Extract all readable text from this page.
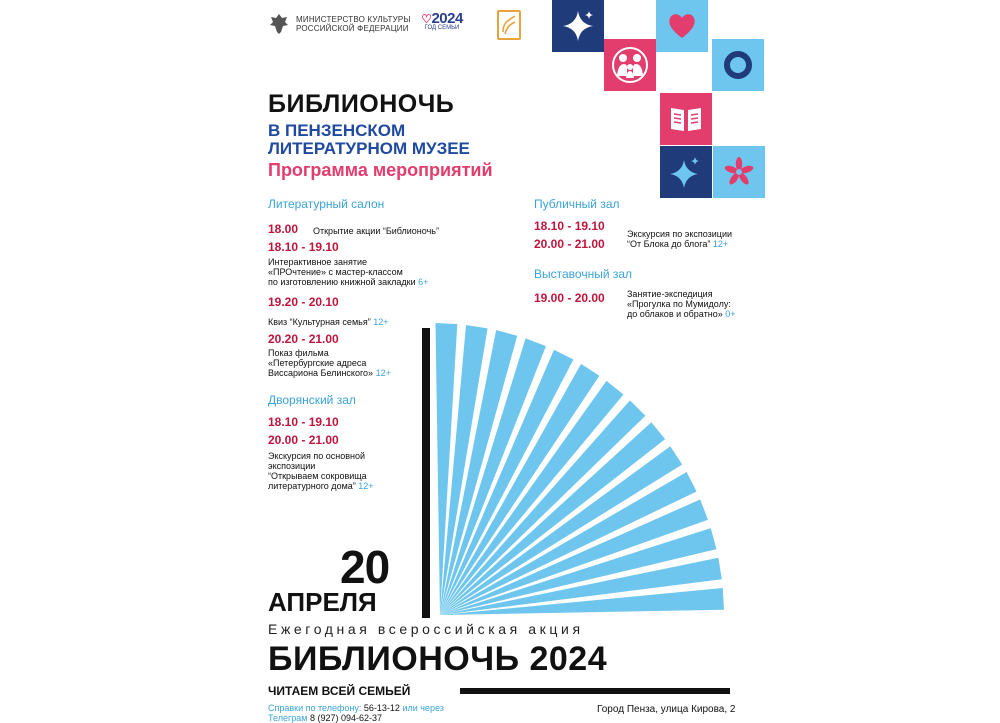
МИНИСТЕРСТВО КУЛЬТУРЫ
РОССИЙСКОЙ ФЕДЕРАЦИИ
♡2024
ГОД СЕМЬИ
БИБЛИОНОЧЬ
В ПЕНЗЕНСКОМ
ЛИТЕРАТУРНОМ МУЗЕЕ
Программа мероприятий
Литературный салон
18.00 Открытие акции “Библионочь”
18.10 - 19.10
Интерактивное занятие
«ПРОчтение» с мастер-классом
по изготовлению книжной закладки 6+
19.20 - 20.10
Квиз “Культурная семья” 12+
20.20 - 21.00
Показ фильма
«Петербургские адреса
Виссариона Белинского» 12+
Дворянский зал
18.10 - 19.10
20.00 - 21.00
Экскурсия по основной
экспозиции
“Открываем сокровища
литературного дома” 12+
Публичный зал
18.10 - 19.10
20.00 - 21.00
Экскурсия по экспозиции
“От Блока до блога” 12+
Выставочный зал
19.00 - 20.00 Занятие-экспедиция
«Прогулка по Мумидолу:
до облаков и обратно» 0+
20
АПРЕЛЯ
Ежегодная всероссийская акция
БИБЛИОНОЧЬ 2024
ЧИТАЕМ ВСЕЙ СЕМЬЕЙ
Справки по телефону: 56-13-12 или через
Телеграм 8 (927) 094-62-37
Город Пенза, улица Кирова, 2
